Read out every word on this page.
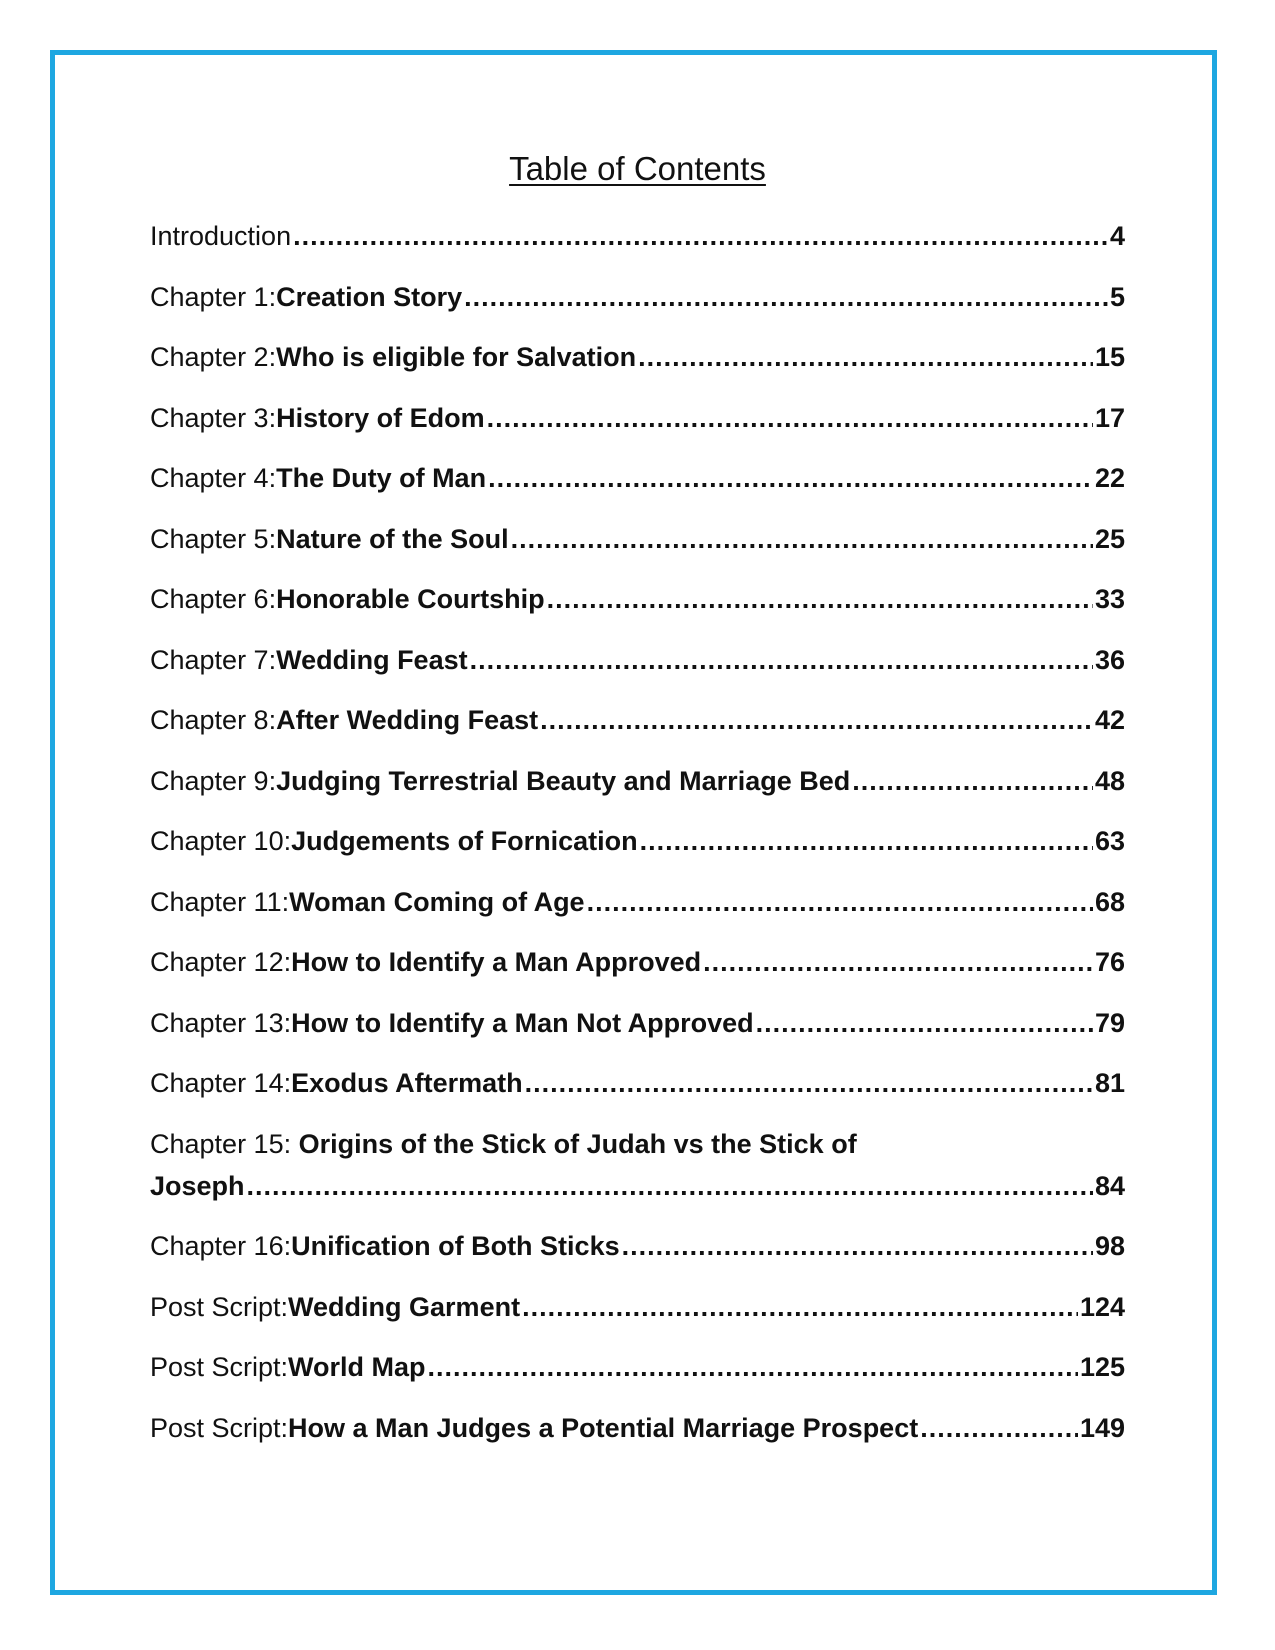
Table of Contents
Introduction .....	4
Chapter 1: Creation Story .....	5
Chapter 2: Who is eligible for Salvation .....	15
Chapter 3: History of Edom .....	17
Chapter 4: The Duty of Man .....	22
Chapter 5: Nature of the Soul .....	25
Chapter 6: Honorable Courtship .....	33
Chapter 7: Wedding Feast .....	36
Chapter 8: After Wedding Feast .....	42
Chapter 9: Judging Terrestrial Beauty and Marriage Bed .....	48
Chapter 10: Judgements of Fornication .....	63
Chapter 11: Woman Coming of Age .....	68
Chapter 12: How to Identify a Man Approved .....	76
Chapter 13: How to Identify a Man Not Approved .....	79
Chapter 14: Exodus Aftermath .....	81
Chapter 15: Origins of the Stick of Judah vs the Stick of
Joseph .....	84
Chapter 16: Unification of Both Sticks .....	98
Post Script: Wedding Garment .....	124
Post Script: World Map .....	125
Post Script: How a Man Judges a Potential Marriage Prospect .....	149
